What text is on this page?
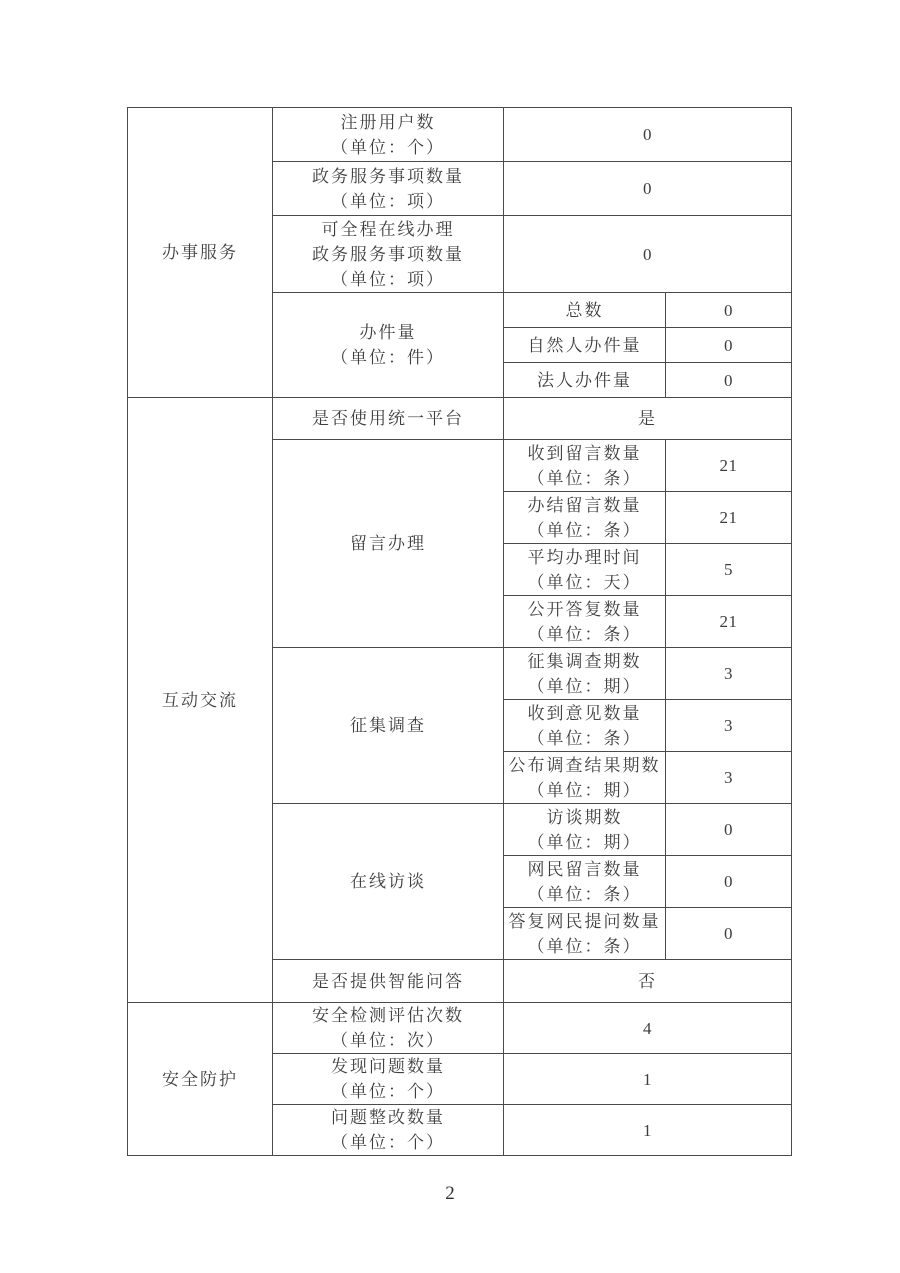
办事服务	注册用户数
（单位：个）	0	

	政务服务事项数量
（单位：项）	0	

	可全程在线办理
政务服务事项数量
（单位：项）	0	

	办件量
（单位：件）	总数	0
		自然人办件量	0
		法人办件量	0
互动交流	是否使用统一平台	是	
	留言办理	收到留言数量
（单位：条）	21

		办结留言数量
（单位：条）	21

		平均办理时间
（单位：天）	5

		公开答复数量
（单位：条）	21
	征集调查	征集调查期数
（单位：期）	3

		收到意见数量
（单位：条）	3

		公布调查结果期数
（单位：期）	3
	在线访谈	访谈期数
（单位：期）	0

		网民留言数量
（单位：条）	0

		答复网民提问数量
（单位：条）	0
	是否提供智能问答	否	
安全防护	安全检测评估次数
（单位：次）	4	

	发现问题数量
（单位：个）	1	

	问题整改数量
（单位：个）	1	
2
